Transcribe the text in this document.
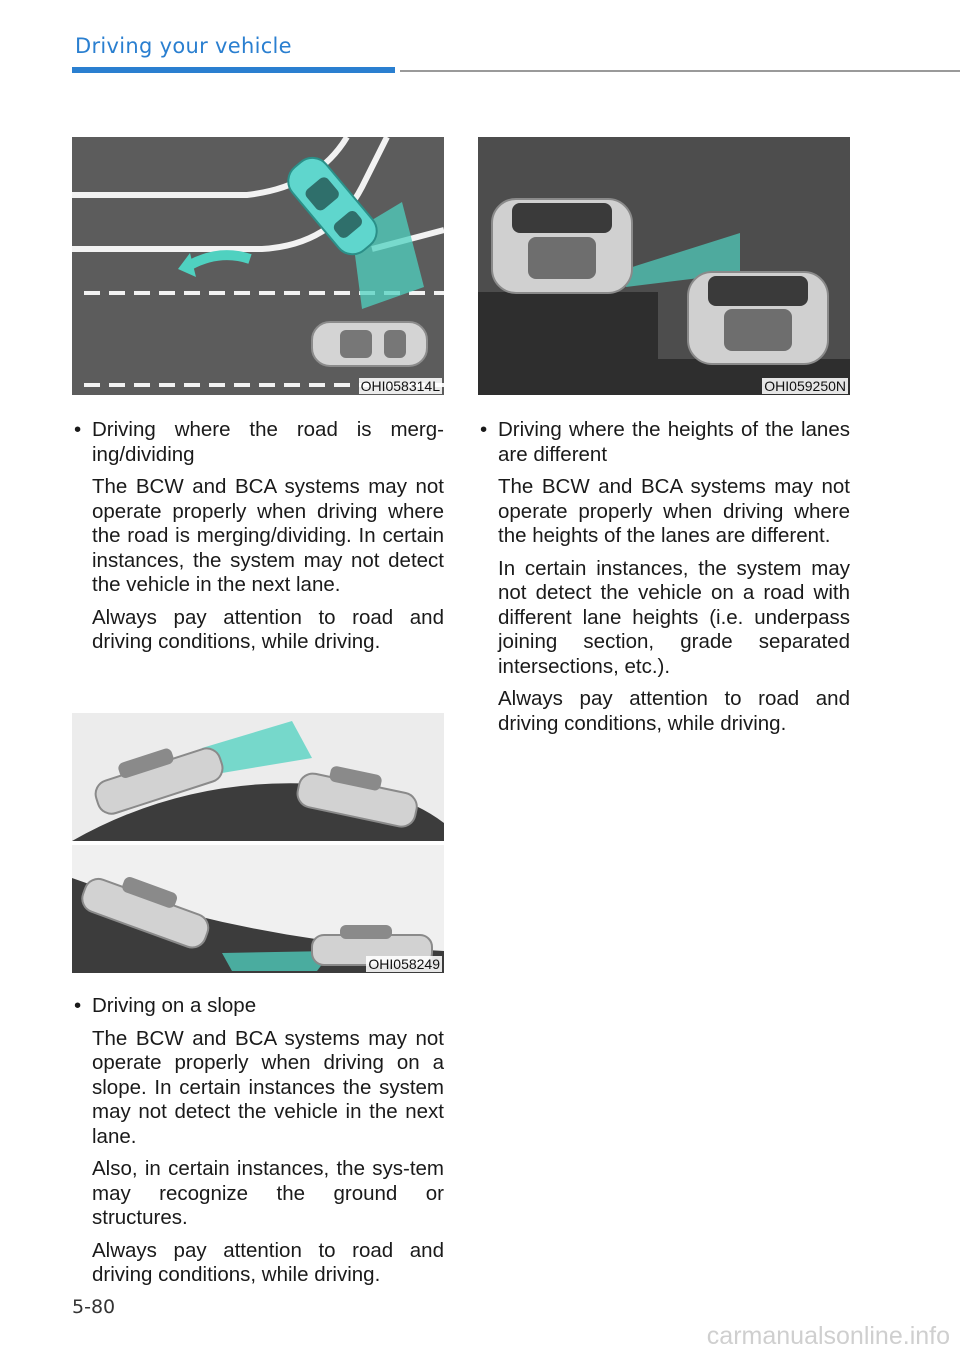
Driving your vehicle
OHI058314L	OHI059250N
• Driving where the road is merg-ing/dividing
The BCW and BCA systems may not operate properly when driving where the road is merging/dividing. In certain instances, the system may not detect the vehicle in the next lane.
Always pay attention to road and driving conditions, while driving.
OHI058249
• Driving on a slope
The BCW and BCA systems may not operate properly when driving on a slope. In certain instances the system may not detect the vehicle in the next lane.
Also, in certain instances, the sys-tem may recognize the ground or structures.
Always pay attention to road and driving conditions, while driving.
• Driving where the heights of the lanes are different
The BCW and BCA systems may not operate properly when driving where the heights of the lanes are different.
In certain instances, the system may not detect the vehicle on a road with different lane heights (i.e. underpass joining section, grade separated intersections, etc.).
Always pay attention to road and driving conditions, while driving.
5-80
carmanualsonline.info
